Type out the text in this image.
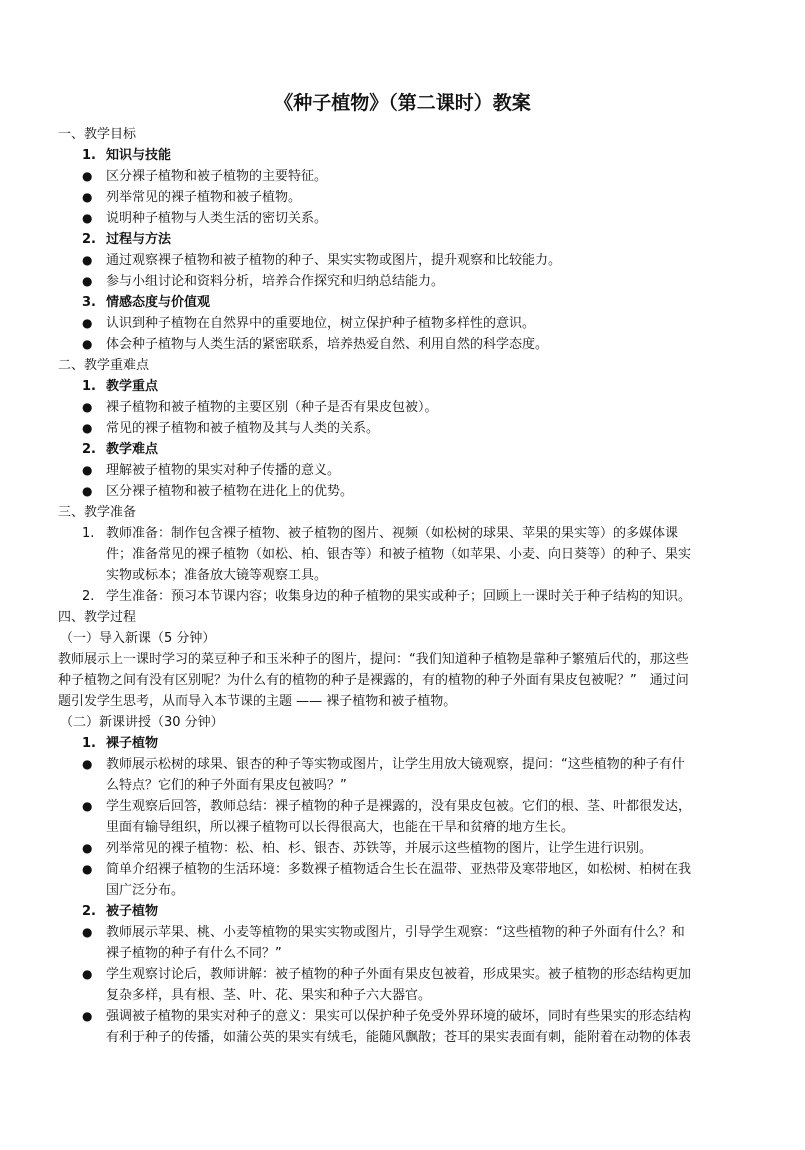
《种子植物》（第二课时）教案

一、教学目标

1. 知识与技能

●	区分裸子植物和被子植物的主要特征。

●	列举常见的裸子植物和被子植物。

●	说明种子植物与人类生活的密切关系。

2. 过程与方法

●	通过观察裸子植物和被子植物的种子、果实实物或图片，提升观察和比较能力。

●	参与小组讨论和资料分析，培养合作探究和归纳总结能力。

3. 情感态度与价值观

●	认识到种子植物在自然界中的重要地位，树立保护种子植物多样性的意识。

●	体会种子植物与人类生活的紧密联系，培养热爱自然、利用自然的科学态度。

二、教学重难点

1. 教学重点

●	裸子植物和被子植物的主要区别（种子是否有果皮包被）。

●	常见的裸子植物和被子植物及其与人类的关系。

2. 教学难点

●	理解被子植物的果实对种子传播的意义。

●	区分裸子植物和被子植物在进化上的优势。

三、教学准备

1. 教师准备：制作包含裸子植物、被子植物的图片、视频（如松树的球果、苹果的果实等）的多媒体课
件；准备常见的裸子植物（如松、柏、银杏等）和被子植物（如苹果、小麦、向日葵等）的种子、果实
实物或标本；准备放大镜等观察工具。
2. 学生准备：预习本节课内容；收集身边的种子植物的果实或种子；回顾上一课时关于种子结构的知识。

四、教学过程

（一）导入新课（5 分钟）

教师展示上一课时学习的菜豆种子和玉米种子的图片，提问：“我们知道种子植物是靠种子繁殖后代的，那这些
种子植物之间有没有区别呢？为什么有的植物的种子是裸露的，有的植物的种子外面有果皮包被呢？”　通过问
题引发学生思考，从而导入本节课的主题 —— 裸子植物和被子植物。

（二）新课讲授（30 分钟）

1. 裸子植物

●	教师展示松树的球果、银杏的种子等实物或图片，让学生用放大镜观察，提问：“这些植物的种子有什
么特点？它们的种子外面有果皮包被吗？”
●	学生观察后回答，教师总结：裸子植物的种子是裸露的，没有果皮包被。它们的根、茎、叶都很发达，
里面有输导组织，所以裸子植物可以长得很高大，也能在干旱和贫瘠的地方生长。
●	列举常见的裸子植物：松、柏、杉、银杏、苏铁等，并展示这些植物的图片，让学生进行识别。
●	简单介绍裸子植物的生活环境：多数裸子植物适合生长在温带、亚热带及寒带地区，如松树、柏树在我
国广泛分布。

2. 被子植物

●	教师展示苹果、桃、小麦等植物的果实实物或图片，引导学生观察：“这些植物的种子外面有什么？和
裸子植物的种子有什么不同？”
●	学生观察讨论后，教师讲解：被子植物的种子外面有果皮包被着，形成果实。被子植物的形态结构更加
复杂多样，具有根、茎、叶、花、果实和种子六大器官。
●	强调被子植物的果实对种子的意义：果实可以保护种子免受外界环境的破坏，同时有些果实的形态结构
有利于种子的传播，如蒲公英的果实有绒毛，能随风飘散；苍耳的果实表面有刺，能附着在动物的体表
